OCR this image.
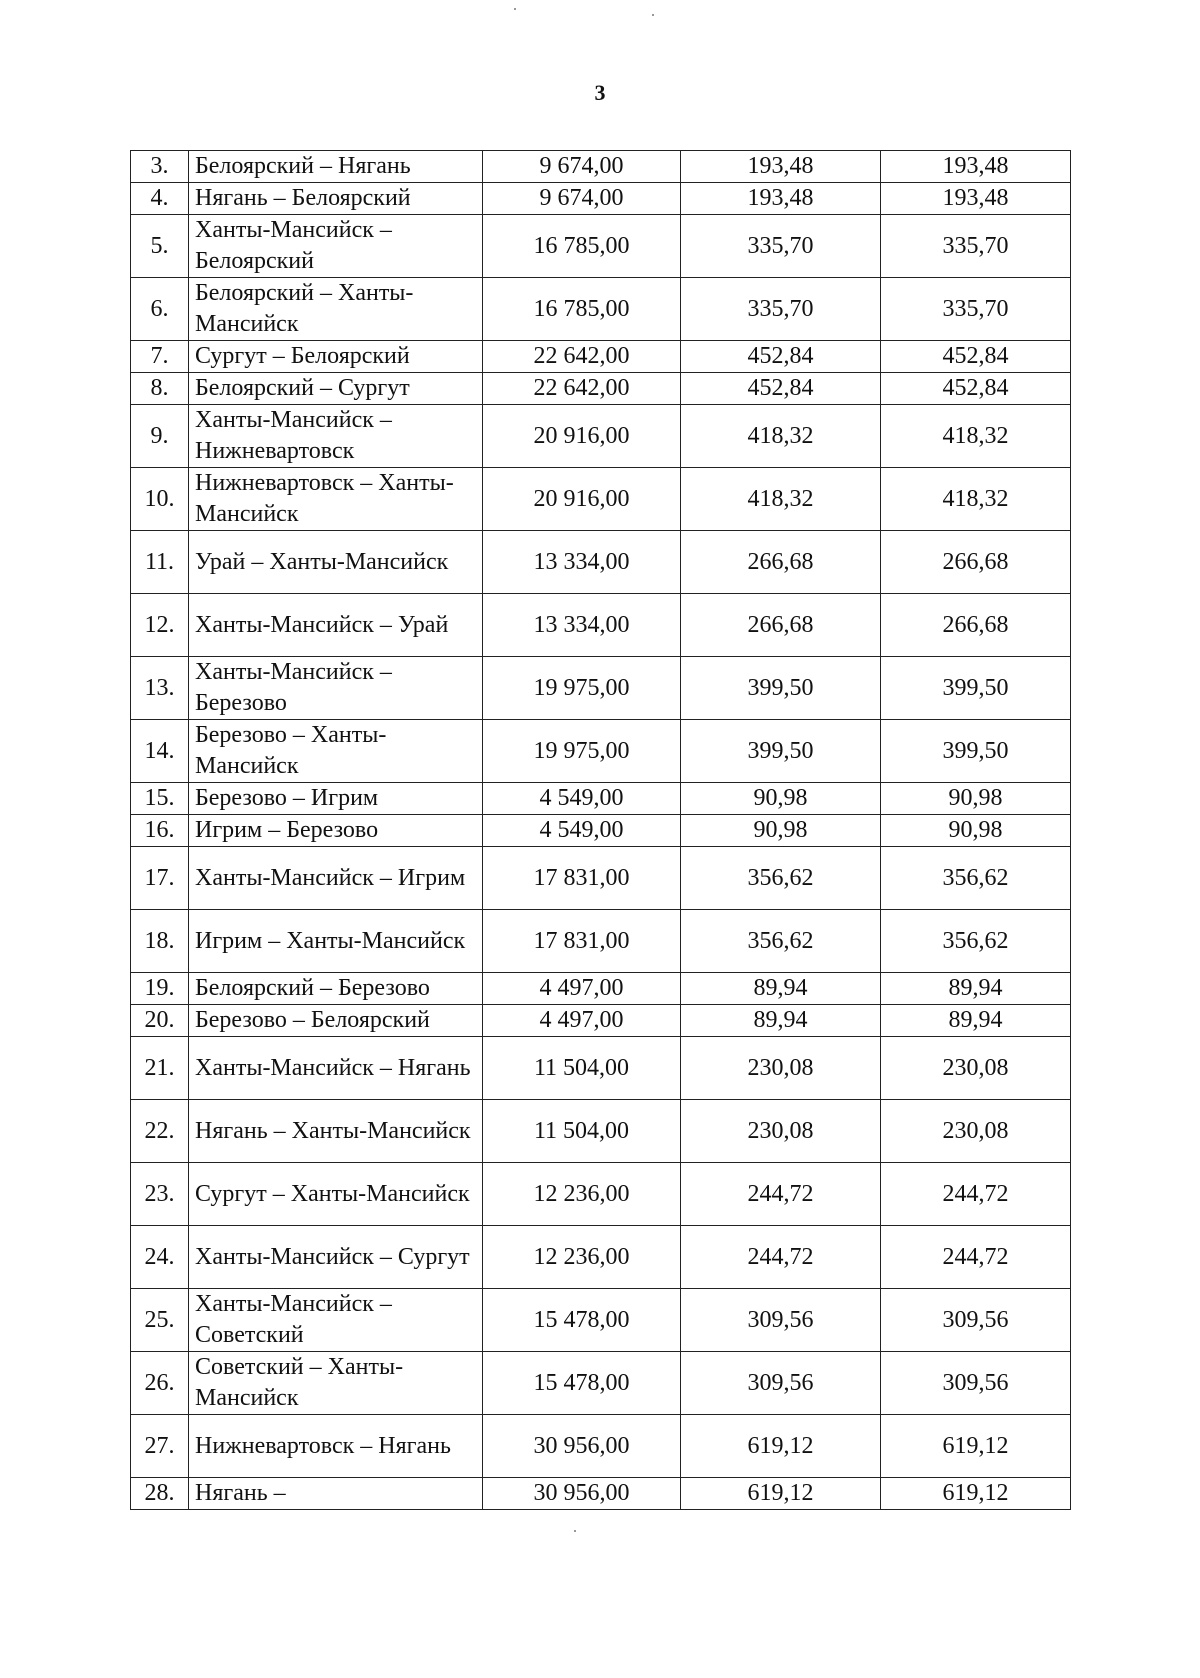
3
3.	Белоярский – Нягань	9 674,00	193,48	193,48
4.	Нягань – Белоярский	9 674,00	193,48	193,48
5.	Ханты-Мансийск – Белоярский	16 785,00	335,70	335,70
6.	Белоярский – Ханты-Мансийск	16 785,00	335,70	335,70
7.	Сургут – Белоярский	22 642,00	452,84	452,84
8.	Белоярский – Сургут	22 642,00	452,84	452,84
9.	Ханты-Мансийск – Нижневартовск	20 916,00	418,32	418,32
10.	Нижневартовск – Ханты-Мансийск	20 916,00	418,32	418,32
11.	Урай – Ханты-Мансийск	13 334,00	266,68	266,68
12.	Ханты-Мансийск – Урай	13 334,00	266,68	266,68
13.	Ханты-Мансийск – Березово	19 975,00	399,50	399,50
14.	Березово – Ханты-Мансийск	19 975,00	399,50	399,50
15.	Березово – Игрим	4 549,00	90,98	90,98
16.	Игрим – Березово	4 549,00	90,98	90,98
17.	Ханты-Мансийск – Игрим	17 831,00	356,62	356,62
18.	Игрим – Ханты-Мансийск	17 831,00	356,62	356,62
19.	Белоярский – Березово	4 497,00	89,94	89,94
20.	Березово – Белоярский	4 497,00	89,94	89,94
21.	Ханты-Мансийск – Нягань	11 504,00	230,08	230,08
22.	Нягань – Ханты-Мансийск	11 504,00	230,08	230,08
23.	Сургут – Ханты-Мансийск	12 236,00	244,72	244,72
24.	Ханты-Мансийск – Сургут	12 236,00	244,72	244,72
25.	Ханты-Мансийск – Советский	15 478,00	309,56	309,56
26.	Советский – Ханты-Мансийск	15 478,00	309,56	309,56
27.	Нижневартовск – Нягань	30 956,00	619,12	619,12
28.	Нягань –	30 956,00	619,12	619,12
